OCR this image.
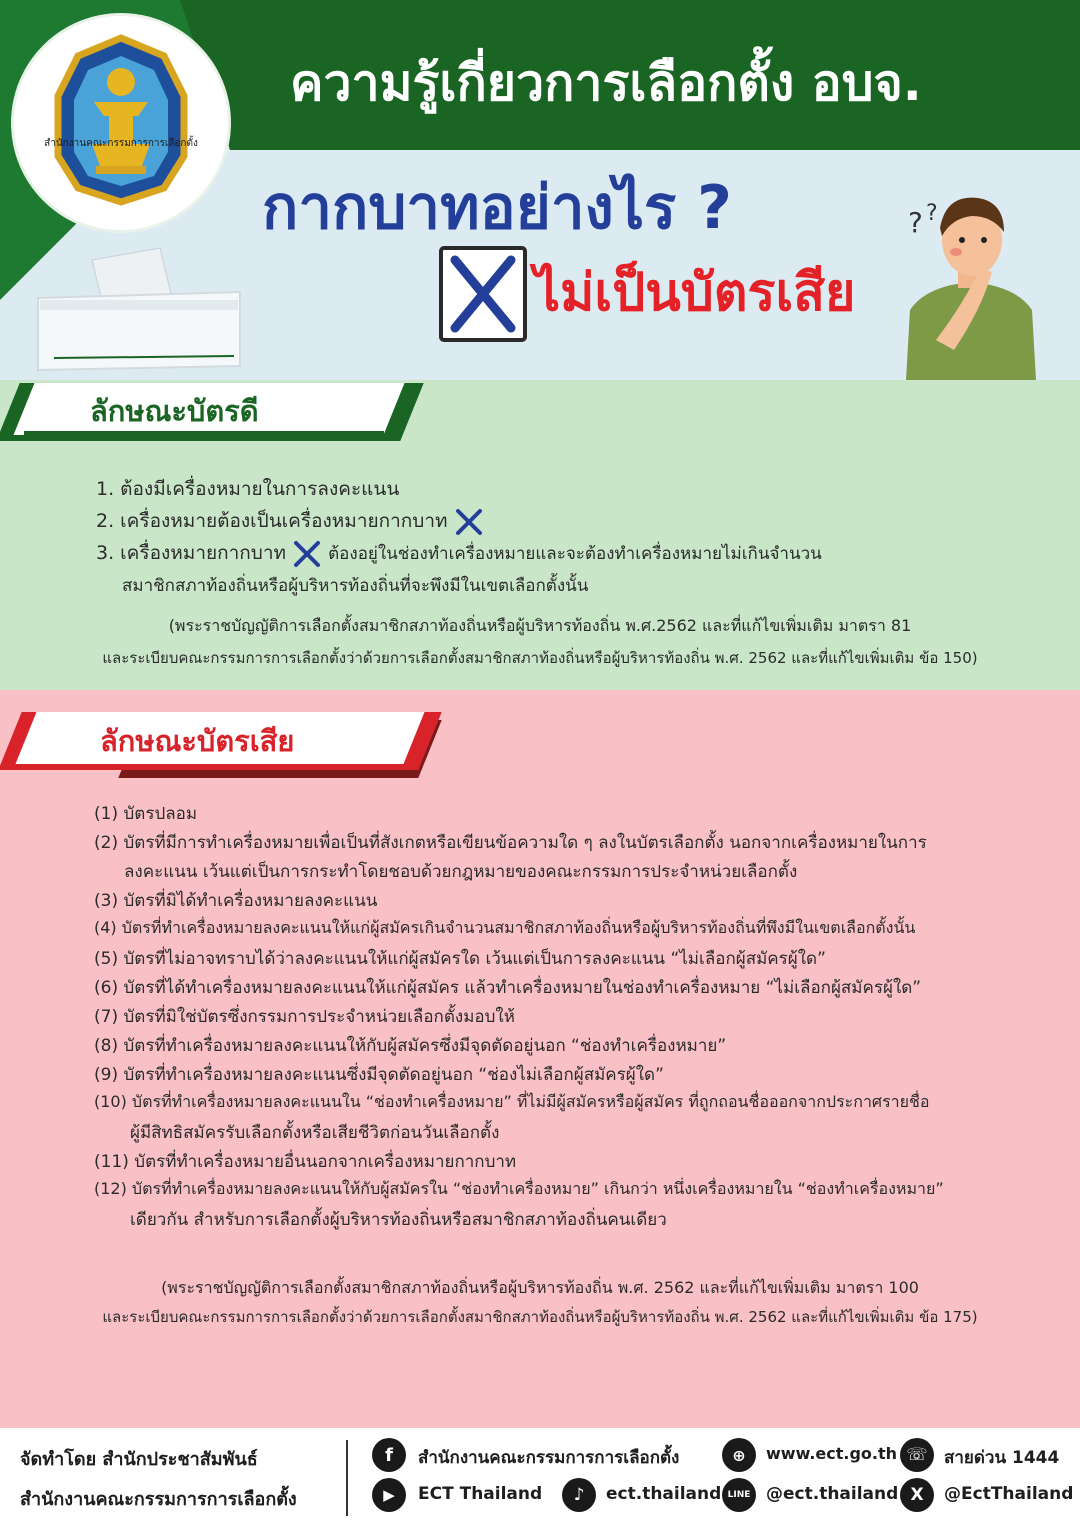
ความรู้เกี่ยวการเลือกตั้ง อบจ.
สำนักงานคณะกรรมการการเลือกตั้ง
กากบาทอย่างไร ?
ไม่เป็นบัตรเสีย
? ?
ลักษณะบัตรดี
1. ต้องมีเครื่องหมายในการลงคะแนน
2. เครื่องหมายต้องเป็นเครื่องหมายกากบาท
3. เครื่องหมายกากบาท ต้องอยู่ในช่องทำเครื่องหมายและจะต้องทำเครื่องหมายไม่เกินจำนวน
สมาชิกสภาท้องถิ่นหรือผู้บริหารท้องถิ่นที่จะพึงมีในเขตเลือกตั้งนั้น
(พระราชบัญญัติการเลือกตั้งสมาชิกสภาท้องถิ่นหรือผู้บริหารท้องถิ่น พ.ศ.2562 และที่แก้ไขเพิ่มเติม มาตรา 81
และระเบียบคณะกรรมการการเลือกตั้งว่าด้วยการเลือกตั้งสมาชิกสภาท้องถิ่นหรือผู้บริหารท้องถิ่น พ.ศ. 2562 และที่แก้ไขเพิ่มเติม ข้อ 150)
ลักษณะบัตรเสีย
(1) บัตรปลอม
(2) บัตรที่มีการทำเครื่องหมายเพื่อเป็นที่สังเกตหรือเขียนข้อความใด ๆ ลงในบัตรเลือกตั้ง นอกจากเครื่องหมายในการ
ลงคะแนน เว้นแต่เป็นการกระทำโดยชอบด้วยกฎหมายของคณะกรรมการประจำหน่วยเลือกตั้ง
(3) บัตรที่มิได้ทำเครื่องหมายลงคะแนน
(4) บัตรที่ทำเครื่องหมายลงคะแนนให้แก่ผู้สมัครเกินจำนวนสมาชิกสภาท้องถิ่นหรือผู้บริหารท้องถิ่นที่พึงมีในเขตเลือกตั้งนั้น
(5) บัตรที่ไม่อาจทราบได้ว่าลงคะแนนให้แก่ผู้สมัครใด เว้นแต่เป็นการลงคะแนน “ไม่เลือกผู้สมัครผู้ใด”
(6) บัตรที่ได้ทำเครื่องหมายลงคะแนนให้แก่ผู้สมัคร แล้วทำเครื่องหมายในช่องทำเครื่องหมาย “ไม่เลือกผู้สมัครผู้ใด”
(7) บัตรที่มิใช่บัตรซึ่งกรรมการประจำหน่วยเลือกตั้งมอบให้
(8) บัตรที่ทำเครื่องหมายลงคะแนนให้กับผู้สมัครซึ่งมีจุดตัดอยู่นอก “ช่องทำเครื่องหมาย”
(9) บัตรที่ทำเครื่องหมายลงคะแนนซึ่งมีจุดตัดอยู่นอก “ช่องไม่เลือกผู้สมัครผู้ใด”
(10) บัตรที่ทำเครื่องหมายลงคะแนนใน “ช่องทำเครื่องหมาย” ที่ไม่มีผู้สมัครหรือผู้สมัคร ที่ถูกถอนชื่อออกจากประกาศรายชื่อ
ผู้มีสิทธิสมัครรับเลือกตั้งหรือเสียชีวิตก่อนวันเลือกตั้ง
(11) บัตรที่ทำเครื่องหมายอื่นนอกจากเครื่องหมายกากบาท
(12) บัตรที่ทำเครื่องหมายลงคะแนนให้กับผู้สมัครใน “ช่องทำเครื่องหมาย” เกินกว่า หนึ่งเครื่องหมายใน “ช่องทำเครื่องหมาย”
เดียวกัน สำหรับการเลือกตั้งผู้บริหารท้องถิ่นหรือสมาชิกสภาท้องถิ่นคนเดียว
(พระราชบัญญัติการเลือกตั้งสมาชิกสภาท้องถิ่นหรือผู้บริหารท้องถิ่น พ.ศ. 2562 และที่แก้ไขเพิ่มเติม มาตรา 100
และระเบียบคณะกรรมการการเลือกตั้งว่าด้วยการเลือกตั้งสมาชิกสภาท้องถิ่นหรือผู้บริหารท้องถิ่น พ.ศ. 2562 และที่แก้ไขเพิ่มเติม ข้อ 175)
จัดทำโดย สำนักประชาสัมพันธ์
สำนักงานคณะกรรมการการเลือกตั้ง
f	สำนักงานคณะกรรมการการเลือกตั้ง	⊕	www.ect.go.th ☏ สายด่วน 1444
▶	ECT Thailand	♪	ect.thailand LINE @ect.thailand X	@EctThailand
